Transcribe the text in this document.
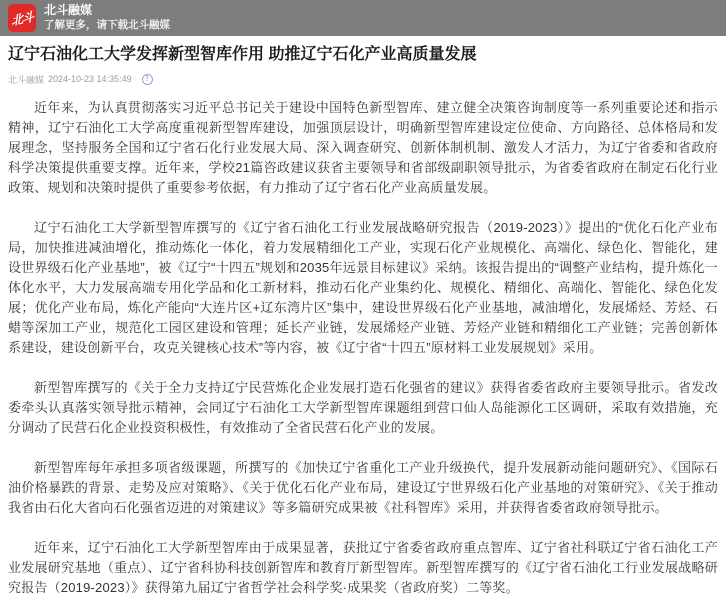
北斗 北斗融媒
了解更多，请下载北斗融媒
辽宁石油化工大学发挥新型智库作用 助推辽宁石化产业高质量发展
北斗融媒 2024-10-23 14:35:49	!

近年来，为认真贯彻落实习近平总书记关于建设中国特色新型智库、建立健全决策咨询制度等一系列重要论述和指示精神，辽宁石油化工大学高度重视新型智库建设，加强顶层设计，明确新型智库建设定位使命、方向路径、总体格局和发展理念，坚持服务全国和辽宁省石化行业发展大局、深入调查研究、创新体制机制、激发人才活力，为辽宁省委和省政府科学决策提供重要支撑。近年来，学校21篇咨政建议获省主要领导和省部级副职领导批示，为省委省政府在制定石化行业政策、规划和决策时提供了重要参考依据，有力推动了辽宁省石化产业高质量发展。

辽宁石油化工大学新型智库撰写的《辽宁省石油化工行业发展战略研究报告（2019-2023）》提出的“优化石化产业布局，加快推进减油增化，推动炼化一体化，着力发展精细化工产业，实现石化产业规模化、高端化、绿色化、智能化，建设世界级石化产业基地”，被《辽宁“十四五”规划和2035年远景目标建议》采纳。该报告提出的“调整产业结构，提升炼化一体化水平，大力发展高端专用化学品和化工新材料，推动石化产业集约化、规模化、精细化、高端化、智能化、绿色化发展；优化产业布局，炼化产能向“大连片区+辽东湾片区”集中，建设世界级石化产业基地，减油增化，发展烯烃、芳烃、石蜡等深加工产业，规范化工园区建设和管理；延长产业链，发展烯烃产业链、芳烃产业链和精细化工产业链；完善创新体系建设，建设创新平台，攻克关键核心技术”等内容，被《辽宁省“十四五”原材料工业发展规划》采用。

新型智库撰写的《关于全力支持辽宁民营炼化企业发展打造石化强省的建议》获得省委省政府主要领导批示。省发改委牵头认真落实领导批示精神，会同辽宁石油化工大学新型智库课题组到营口仙人岛能源化工区调研，采取有效措施，充分调动了民营石化企业投资积极性，有效推动了全省民营石化产业的发展。

新型智库每年承担多项省级课题，所撰写的《加快辽宁省重化工产业升级换代，提升发展新动能问题研究》、《国际石油价格暴跌的背景、走势及应对策略》、《关于优化石化产业布局，建设辽宁世界级石化产业基地的对策研究》、《关于推动我省由石化大省向石化强省迈进的对策建议》等多篇研究成果被《社科智库》采用，并获得省委省政府领导批示。

近年来，辽宁石油化工大学新型智库由于成果显著，获批辽宁省委省政府重点智库、辽宁省社科联辽宁省石油化工产业发展研究基地（重点）、辽宁省科协科技创新智库和教育厅新型智库。新型智库撰写的《辽宁省石油化工行业发展战略研究报告（2019-2023）》获得第九届辽宁省哲学社会科学奖·成果奖（省政府奖）二等奖。
